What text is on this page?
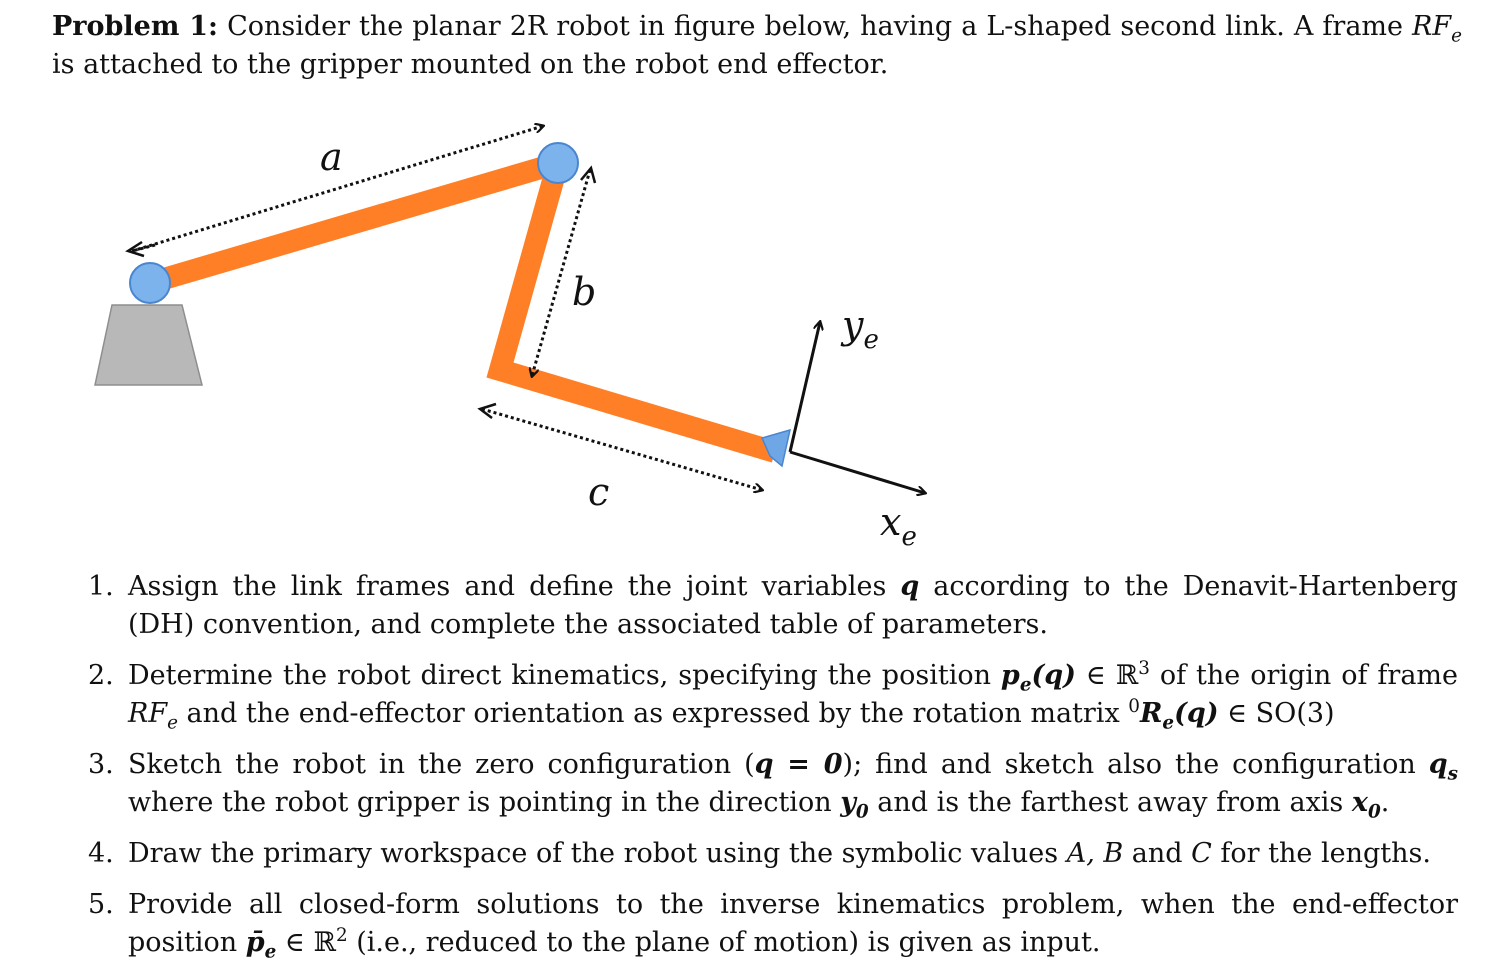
Problem 1: Consider the planar 2R robot in figure below, having a L-shaped second link. A frame $RF_e$ is attached to the gripper mounted on the robot end effector.
a
b
c
ye
xe
1. Assign the link frames and define the joint variables q according to the Denavit-Hartenberg (DH) convention, and complete the associated table of parameters.
2. Determine the robot direct kinematics, specifying the position $p_e(q)$ ∈ ℝ$^3$ of the origin of frame $RF_e$ and the end-effector orientation as expressed by the rotation matrix $^0R_e(q)$ ∈ SO(3)
3. Sketch the robot in the zero configuration (q = 0); find and sketch also the configuration $q_s$ where the robot gripper is pointing in the direction $y_0$ and is the farthest away from axis $x_0$.
4. Draw the primary workspace of the robot using the symbolic values A, B and C for the lengths.
5. Provide all closed-form solutions to the inverse kinematics problem, when the end-effector position $p̄_e$ ∈ ℝ$^2$ (i.e., reduced to the plane of motion) is given as input.
